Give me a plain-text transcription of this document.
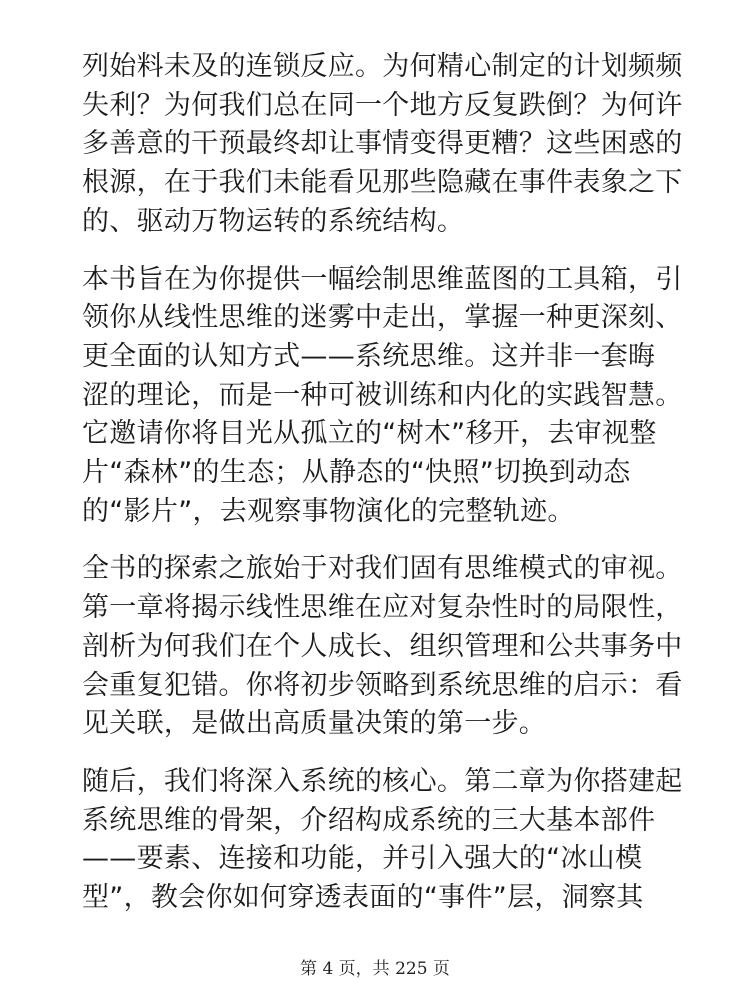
列始料未及的连锁反应。为何精心制定的计划频频
失利？为何我们总在同一个地方反复跌倒？为何许
多善意的干预最终却让事情变得更糟？这些困惑的
根源，在于我们未能看见那些隐藏在事件表象之下
的、驱动万物运转的系统结构。

本书旨在为你提供一幅绘制思维蓝图的工具箱，引
领你从线性思维的迷雾中走出，掌握一种更深刻、
更全面的认知方式——系统思维。这并非一套晦
涩的理论，而是一种可被训练和内化的实践智慧。
它邀请你将目光从孤立的“树木”移开，去审视整
片“森林”的生态；从静态的“快照”切换到动态
的“影片”，去观察事物演化的完整轨迹。

全书的探索之旅始于对我们固有思维模式的审视。
第一章将揭示线性思维在应对复杂性时的局限性，
剖析为何我们在个人成长、组织管理和公共事务中
会重复犯错。你将初步领略到系统思维的启示：看
见关联，是做出高质量决策的第一步。

随后，我们将深入系统的核心。第二章为你搭建起
系统思维的骨架，介绍构成系统的三大基本部件
——要素、连接和功能，并引入强大的“冰山模
型”，教会你如何穿透表面的“事件”层，洞察其

第 4 页，共 225 页
